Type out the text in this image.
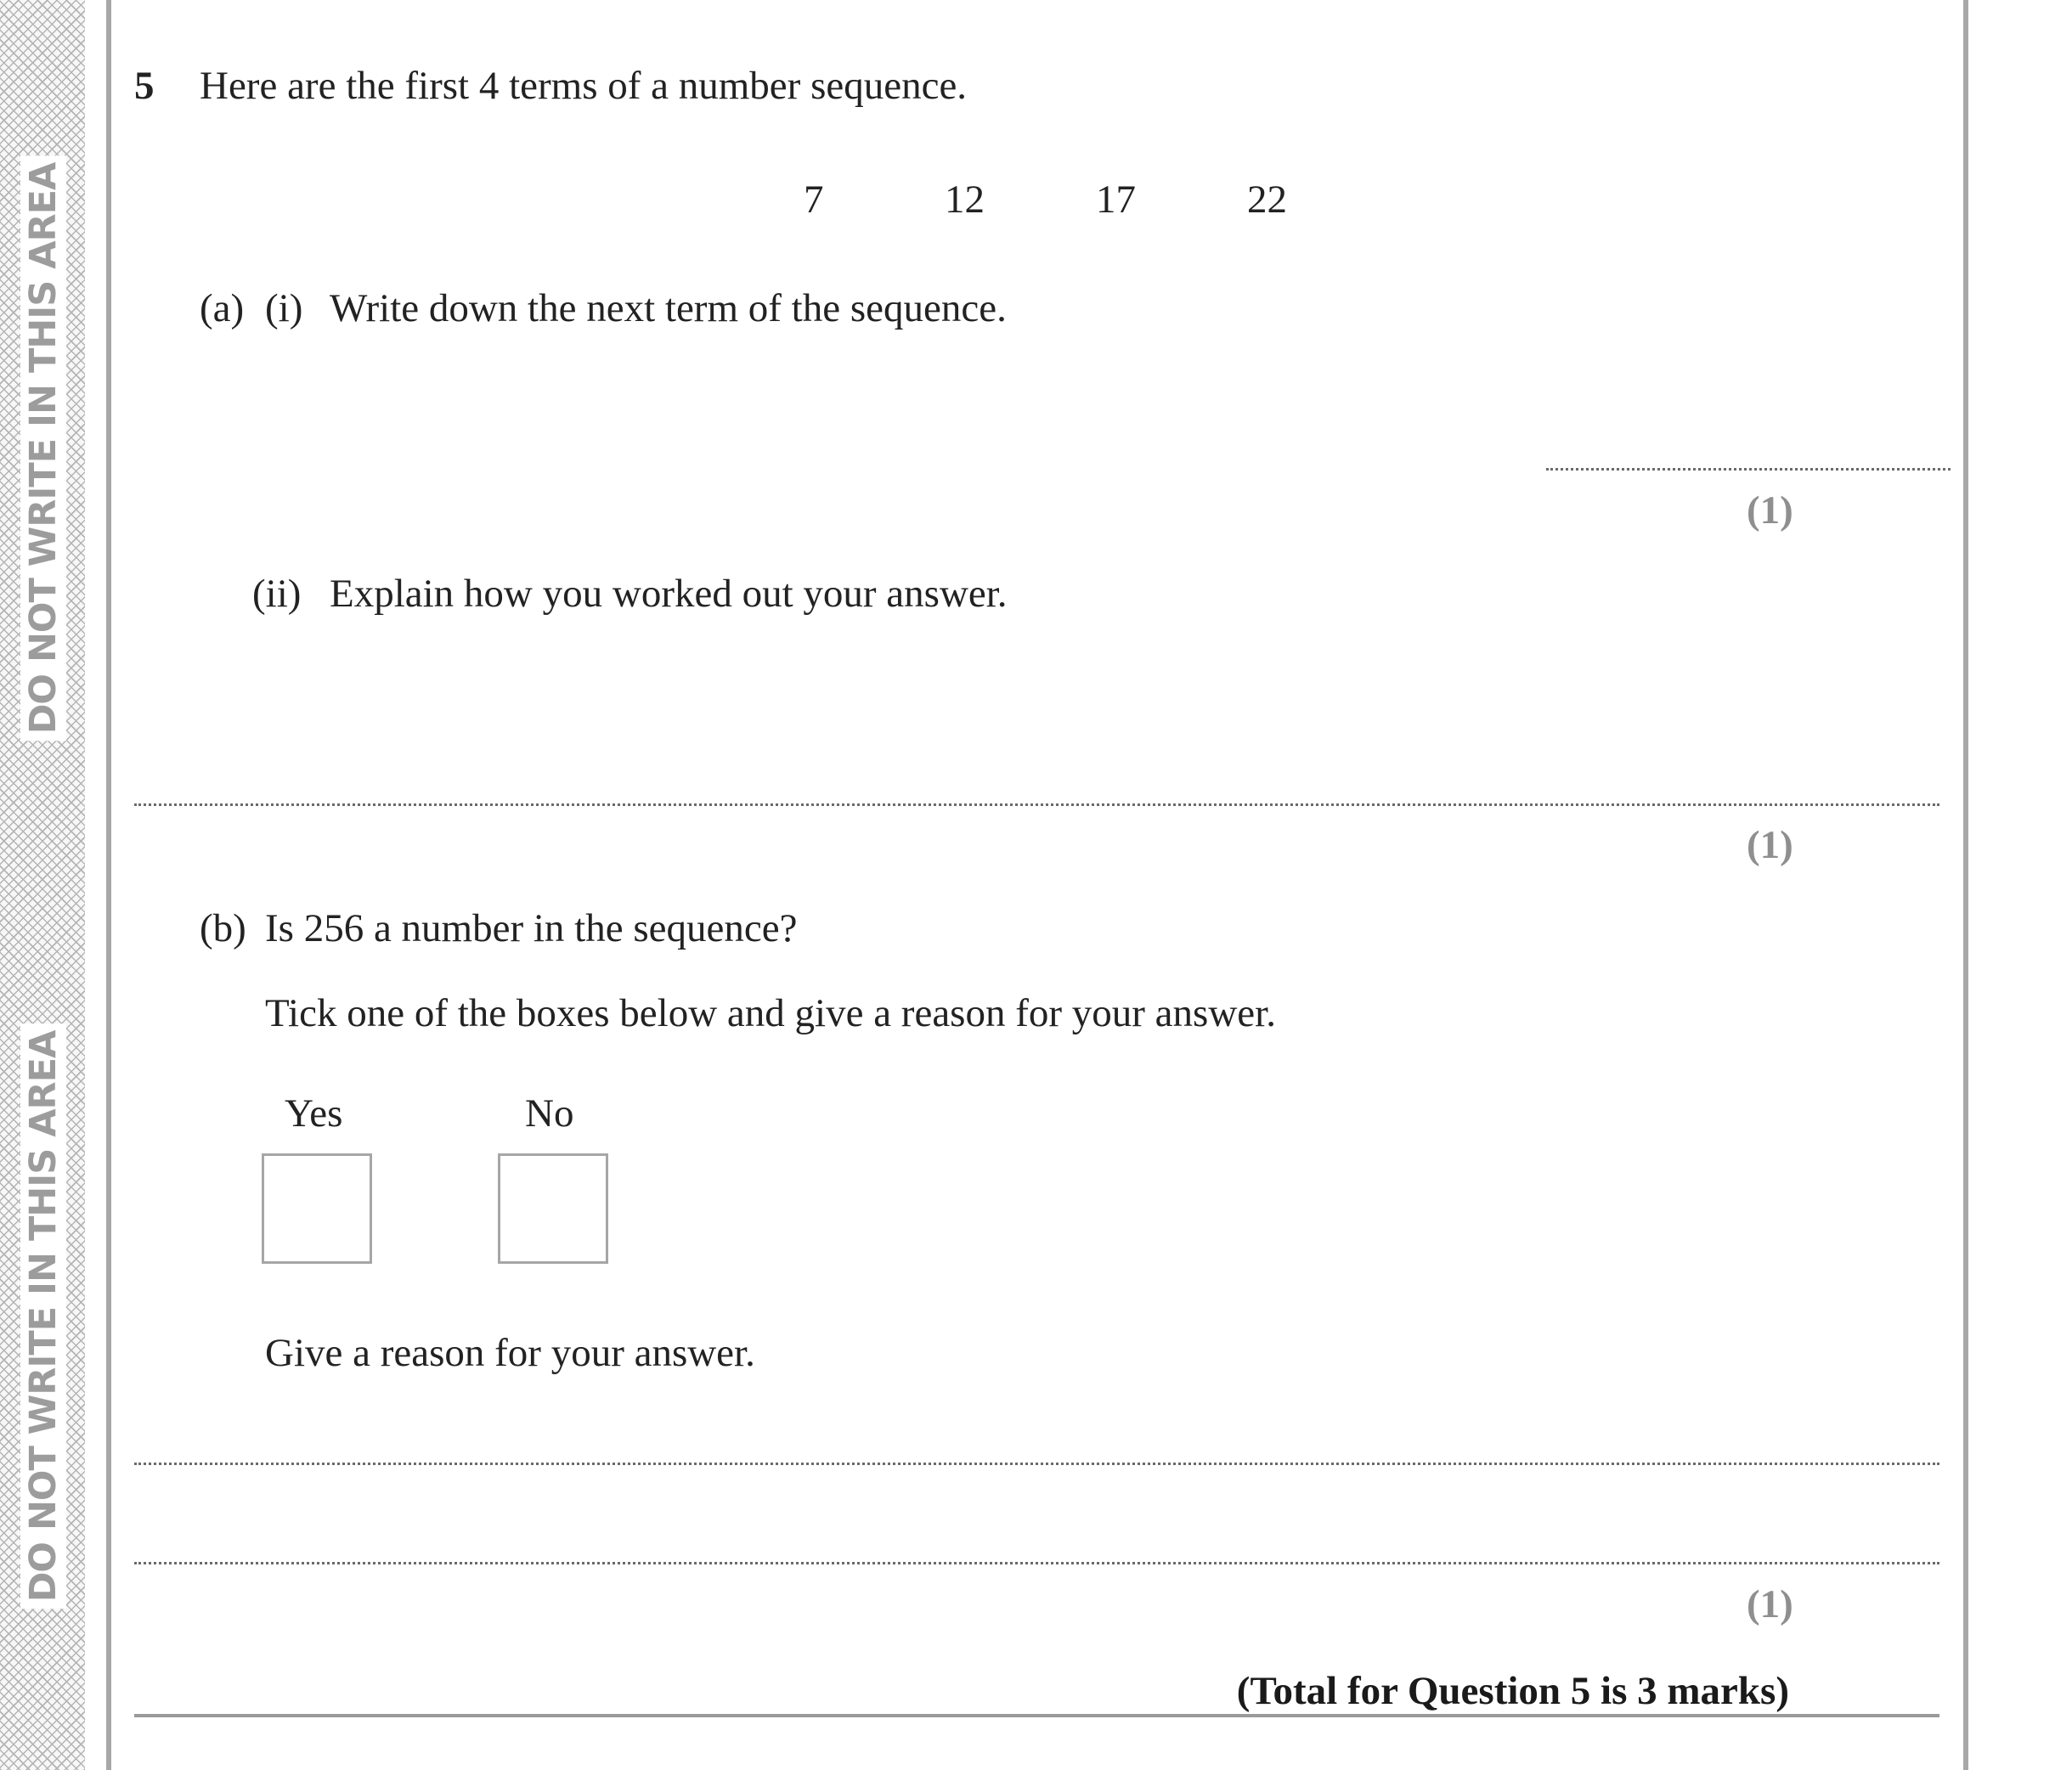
DO NOT WRITE IN THIS AREA
DO NOT WRITE IN THIS AREA
5 Here are the first 4 terms of a number sequence.
7	12	17	22
(a) (i) Write down the next term of the sequence.
(1)
(ii) Explain how you worked out your answer.
(1)
(b) Is 256 a number in the sequence?
Tick one of the boxes below and give a reason for your answer.
Yes	No
Give a reason for your answer.
(1)
(Total for Question 5 is 3 marks)
